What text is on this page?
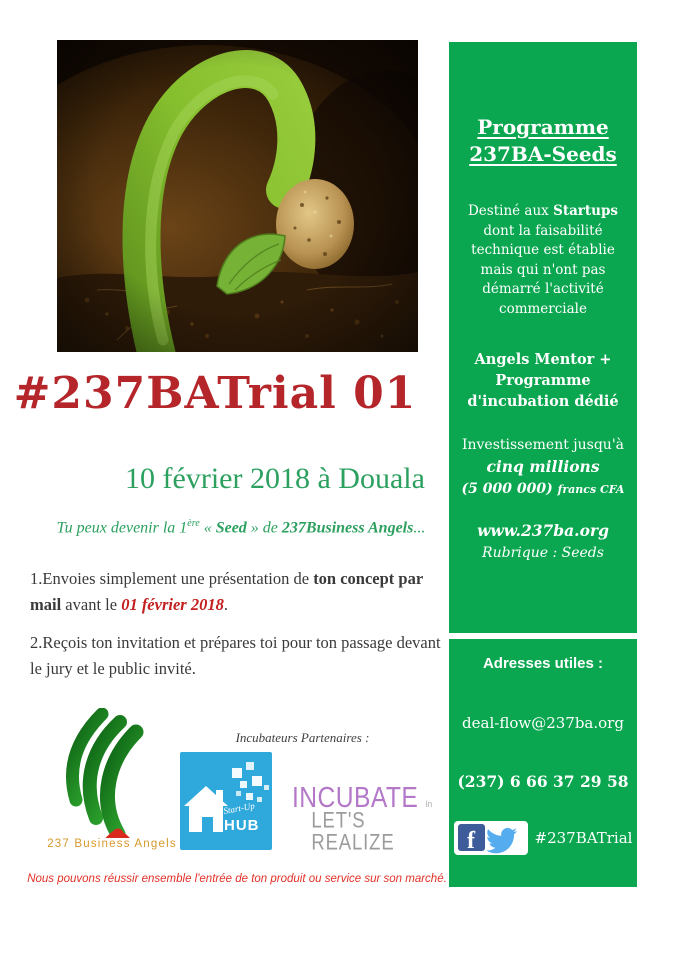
#237BATrial 01
10 février 2018 à Douala
Tu peux devenir la 1ère « Seed » de 237Business Angels...

1.Envoies simplement une présentation de ton concept par mail avant le 01 février 2018.

2.Reçois ton invitation et prépares toi pour ton passage devant le jury et le public invité.

237 Business Angels
Incubateurs Partenaires :
Start-Up
HUB
INCUBATE In
LET'S REALIZE
Nous pouvons réussir ensemble l'entrée de ton produit ou service sur son marché.
Programme
237BA-Seeds
Destiné aux Startups
dont la faisabilité
technique est établie
mais qui n'ont pas
démarré l'activité
commerciale
Angels Mentor +
Programme
d'incubation dédié
Investissement jusqu'à
cinq millions
(5 000 000) francs CFA
www.237ba.org
Rubrique : Seeds
Adresses utiles :
deal-flow@237ba.org
(237) 6 66 37 29 58
f	#237BATrial
